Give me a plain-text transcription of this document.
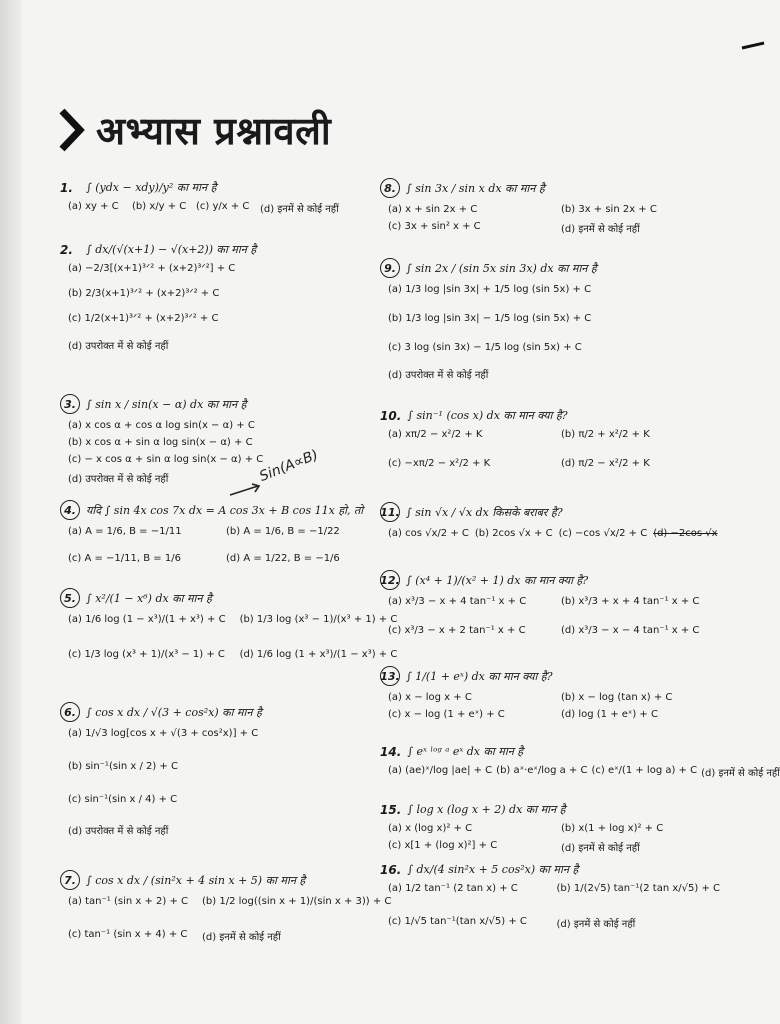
अभ्यास प्रश्नावली
1.	∫ (ydx − xdy)/y² का मान है
(a) xy + C (b) x/y + C (c) y/x + C (d) इनमें से कोई नहीं
2.	∫ dx/(√(x+1) − √(x+2)) का मान है
(a) −2/3[(x+1)³ᐟ² + (x+2)³ᐟ²] + C
(b) 2/3(x+1)³ᐟ² + (x+2)³ᐟ² + C
(c) 1/2(x+1)³ᐟ² + (x+2)³ᐟ² + C
(d) उपरोक्त में से कोई नहीं
3. ∫ sin x / sin(x − α) dx का मान है
(a) x cos α + cos α log sin(x − α) + C
(b) x cos α + sin α log sin(x − α) + C
(c) − x cos α + sin α log sin(x − α) + C
(d) उपरोक्त में से कोई नहीं
4. यदि ∫ sin 4x cos 7x dx = A cos 3x + B cos 11x हो, तो
(a) A = 1/6, B = −1/11	(b) A = 1/6, B = −1/22
(c) A = −1/11, B = 1/6	(d) A = 1/22, B = −1/6
5. ∫ x²/(1 − x⁶) dx का मान है
(a) 1/6 log (1 − x³)/(1 + x³) + C (b) 1/3 log (x³ − 1)/(x³ + 1) + C
(c) 1/3 log (x³ + 1)/(x³ − 1) + C (d) 1/6 log (1 + x³)/(1 − x³) + C
6. ∫ cos x dx / √(3 + cos²x) का मान है
(a) 1/√3 log[cos x + √(3 + cos²x)] + C
(b) sin⁻¹(sin x / 2) + C
(c) sin⁻¹(sin x / 4) + C
(d) उपरोक्त में से कोई नहीं
7. ∫ cos x dx / (sin²x + 4 sin x + 5) का मान है
(a) tan⁻¹ (sin x + 2) + C (b) 1/2 log((sin x + 1)/(sin x + 3)) + C
(c) tan⁻¹ (sin x + 4) + C (d) इनमें से कोई नहीं
Sin(A∝B)
8. ∫ sin 3x / sin x dx का मान है
(a) x + sin 2x + C	(b) 3x + sin 2x + C
(c) 3x + sin² x + C	(d) इनमें से कोई नहीं
9. ∫ sin 2x / (sin 5x sin 3x) dx का मान है
(a) 1/3 log |sin 3x| + 1/5 log (sin 5x) + C
(b) 1/3 log |sin 3x| − 1/5 log (sin 5x) + C
(c) 3 log (sin 3x) − 1/5 log (sin 5x) + C
(d) उपरोक्त में से कोई नहीं
10. ∫ sin⁻¹ (cos x) dx का मान क्या है?
(a) xπ/2 − x²/2 + K	(b) π/2 + x²/2 + K
(c) −xπ/2 − x²/2 + K	(d) π/2 − x²/2 + K
11. ∫ sin √x / √x dx किसके बराबर है?
(a) cos √x/2 + C (b) 2cos √x + C (c) −cos √x/2 + C (d) −2cos √x
12. ∫ (x⁴ + 1)/(x² + 1) dx का मान क्या है?
(a) x³/3 − x + 4 tan⁻¹ x + C	(b) x³/3 + x + 4 tan⁻¹ x + C
(c) x³/3 − x + 2 tan⁻¹ x + C	(d) x³/3 − x − 4 tan⁻¹ x + C
13. ∫ 1/(1 + eˣ) dx का मान क्या है?
(a) x − log x + C	(b) x − log (tan x) + C
(c) x − log (1 + eˣ) + C	(d) log (1 + eˣ) + C
14. ∫ eˣ ˡᵒᵍ ᵃ eˣ dx का मान है
(a) (ae)ˣ/log |ae| + C (b) aˣ·eˣ/log a + C (c) eˣ/(1 + log a) + C (d) इनमें से कोई नहीं
15. ∫ log x (log x + 2) dx का मान है
(a) x (log x)² + C	(b) x(1 + log x)² + C
(c) x[1 + (log x)²] + C	(d) इनमें से कोई नहीं
16. ∫ dx/(4 sin²x + 5 cos²x) का मान है
(a) 1/2 tan⁻¹ (2 tan x) + C	(b) 1/(2√5) tan⁻¹(2 tan x/√5) + C
(c) 1/√5 tan⁻¹(tan x/√5) + C	(d) इनमें से कोई नहीं
